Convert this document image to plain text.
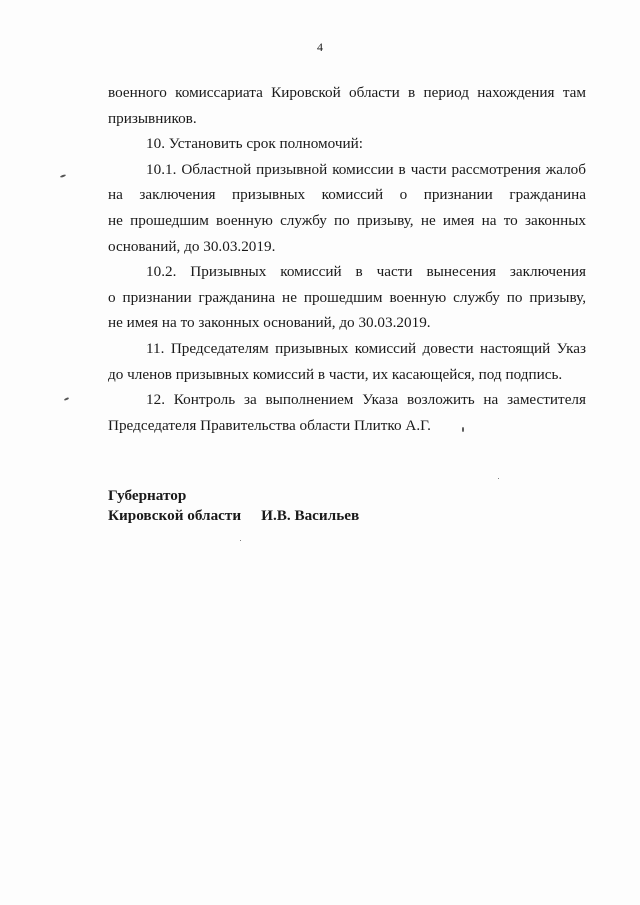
4

военного комиссариата Кировской области в период нахождения там
призывников.

10. Установить срок полномочий:

10.1. Областной призывной комиссии в части рассмотрения жалоб
на заключения призывных комиссий о признании гражданина
не прошедшим военную службу по призыву, не имея на то законных
оснований, до 30.03.2019.

10.2. Призывных комиссий в части вынесения заключения
о признании гражданина не прошедшим военную службу по призыву,
не имея на то законных оснований, до 30.03.2019.

11. Председателям призывных комиссий довести настоящий Указ
до членов призывных комиссий в части, их касающейся, под подпись.

12. Контроль за выполнением Указа возложить на заместителя
Председателя Правительства области Плитко А.Г.

Губернатор
Кировской области И.В. Васильев
